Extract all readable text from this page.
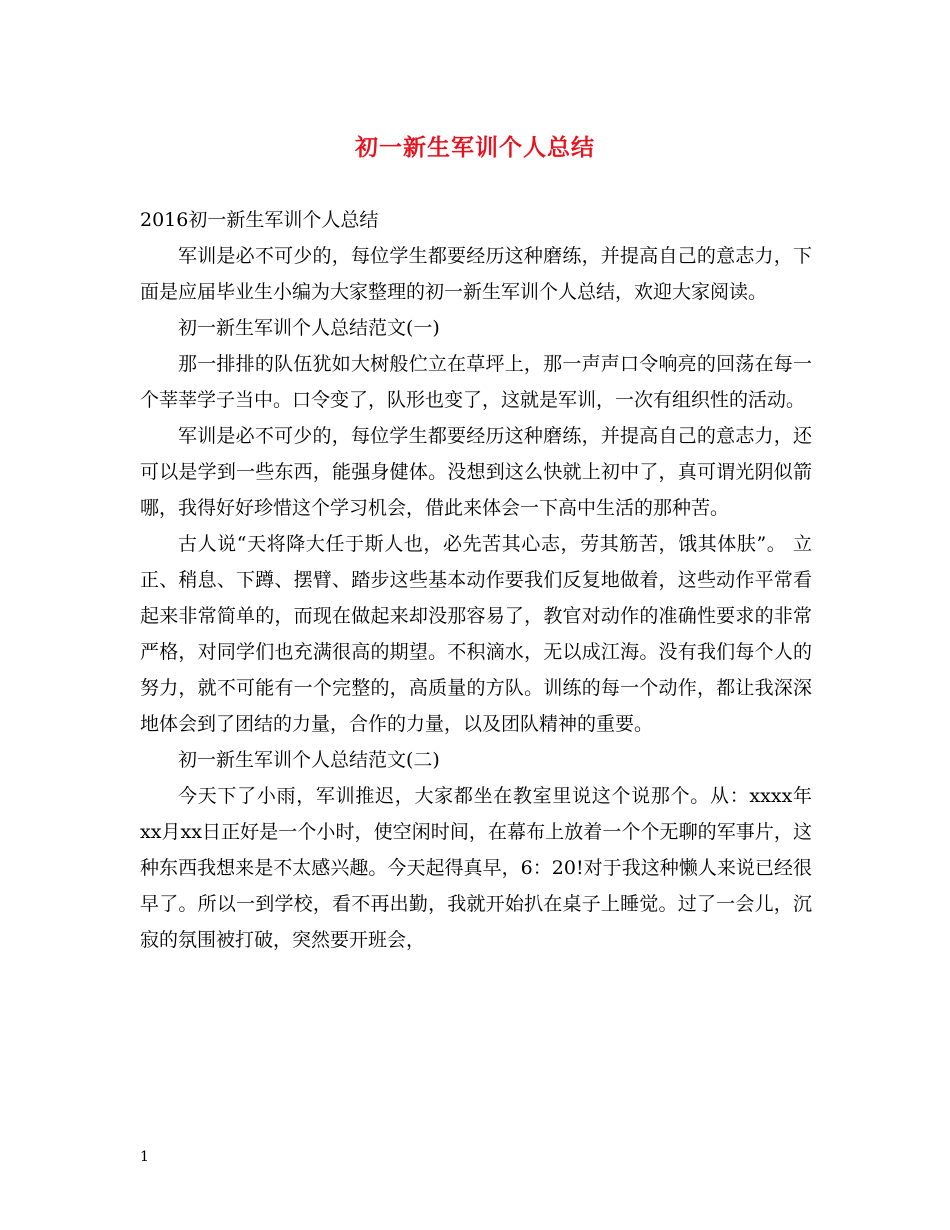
初一新生军训个人总结

2016初一新生军训个人总结

军训是必不可少的，每位学生都要经历这种磨练，并提高自己的意志力，下面是应届毕业生小编为大家整理的初一新生军训个人总结，欢迎大家阅读。

初一新生军训个人总结范文(一)

那一排排的队伍犹如大树般伫立在草坪上，那一声声口令响亮的回荡在每一个莘莘学子当中。口令变了，队形也变了，这就是军训，一次有组织性的活动。

军训是必不可少的，每位学生都要经历这种磨练，并提高自己的意志力，还可以是学到一些东西，能强身健体。没想到这么快就上初中了，真可谓光阴似箭哪，我得好好珍惜这个学习机会，借此来体会一下高中生活的那种苦。

古人说“天将降大任于斯人也，必先苦其心志，劳其筋苦，饿其体肤”。 立正、稍息、下蹲、摆臂、踏步这些基本动作要我们反复地做着，这些动作平常看起来非常简单的，而现在做起来却没那容易了，教官对动作的准确性要求的非常严格，对同学们也充满很高的期望。不积滴水，无以成江海。没有我们每个人的努力，就不可能有一个完整的，高质量的方队。训练的每一个动作，都让我深深地体会到了团结的力量，合作的力量，以及团队精神的重要。

初一新生军训个人总结范文(二)

今天下了小雨，军训推迟，大家都坐在教室里说这个说那个。从：xxxx年xx月xx日正好是一个小时，使空闲时间，在幕布上放着一个个无聊的军事片，这种东西我想来是不太感兴趣。今天起得真早，6：20!对于我这种懒人来说已经很早了。所以一到学校，看不再出勤，我就开始扒在桌子上睡觉。过了一会儿，沉寂的氛围被打破，突然要开班会，

1
